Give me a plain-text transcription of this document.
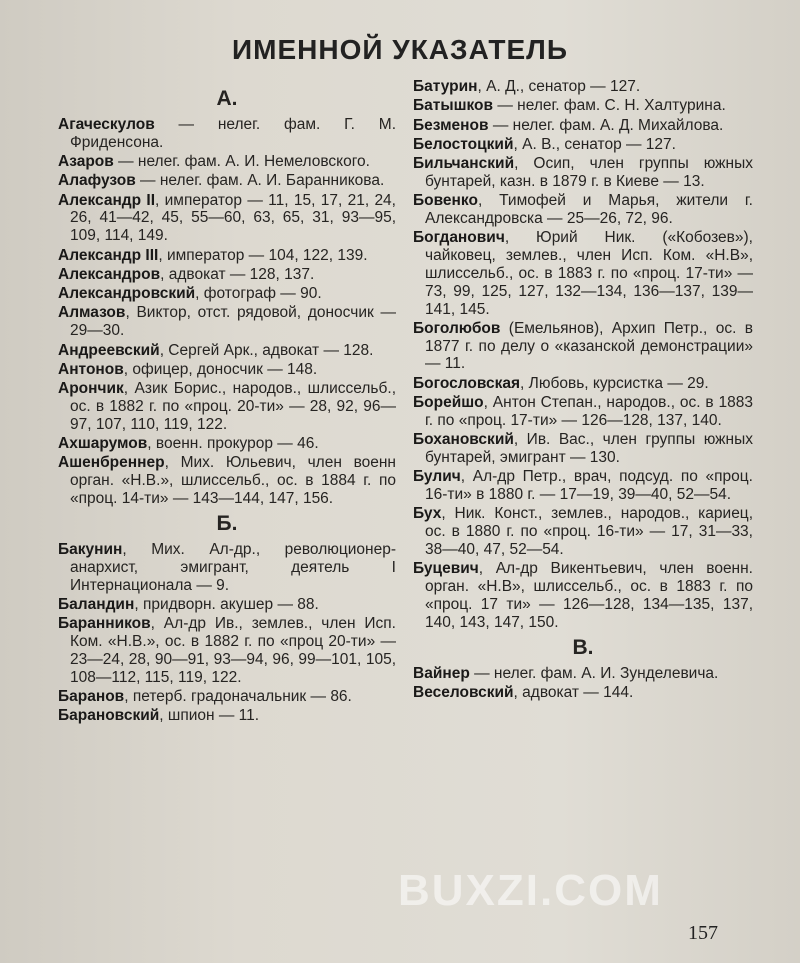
ИМЕННОЙ УКАЗАТЕЛЬ
А.
Агаческулов — нелег. фам. Г. М. Фриденсона.
Азаров — нелег. фам. А. И. Немеловского.
Алафузов — нелег. фам. А. И. Баранникова.
Александр II, император — 11, 15, 17, 21, 24, 26, 41—42, 45, 55—60, 63, 65, 31, 93—95, 109, 114, 149.
Александр III, император — 104, 122, 139.
Александров, адвокат — 128, 137.
Александровский, фотограф — 90.
Алмазов, Виктор, отст. рядовой, доносчик — 29—30.
Андреевский, Сергей Арк., адвокат — 128.
Антонов, офицер, доносчик — 148.
Арончик, Азик Борис., народов., шлиссельб., ос. в 1882 г. по «проц. 20-ти» — 28, 92, 96—97, 107, 110, 119, 122.
Ахшарумов, военн. прокурор — 46.
Ашенбреннер, Мих. Юльевич, член военн орган. «Н.В.», шлиссельб., ос. в 1884 г. по «проц. 14-ти» — 143—144, 147, 156.
Б.
Бакунин, Мих. Ал-др., революционер-анархист, эмигрант, деятель I Интернационала — 9.
Баландин, придворн. акушер — 88.
Баранников, Ал-др Ив., землев., член Исп. Ком. «Н.В.», ос. в 1882 г. по «проц 20-ти» — 23—24, 28, 90—91, 93—94, 96, 99—101, 105, 108—112, 115, 119, 122.
Баранов, петерб. градоначальник — 86.
Барановский, шпион — 11.
Батурин, А. Д., сенатор — 127.
Батышков — нелег. фам. С. Н. Халтурина.
Безменов — нелег. фам. А. Д. Михайлова.
Белостоцкий, А. В., сенатор — 127.
Бильчанский, Осип, член группы южных бунтарей, казн. в 1879 г. в Киеве — 13.
Бовенко, Тимофей и Марья, жители г. Александровска — 25—26, 72, 96.
Богданович, Юрий Ник. («Кобозев»), чайковец, землев., член Исп. Ком. «Н.В», шлиссельб., ос. в 1883 г. по «проц. 17-ти» — 73, 99, 125, 127, 132—134, 136—137, 139—141, 145.
Боголюбов (Емельянов), Архип Петр., ос. в 1877 г. по делу о «казанской демонстрации» — 11.
Богословская, Любовь, курсистка — 29.
Борейшо, Антон Степан., народов., ос. в 1883 г. по «проц. 17-ти» — 126—128, 137, 140.
Бохановский, Ив. Вас., член группы южных бунтарей, эмигрант — 130.
Булич, Ал-др Петр., врач, подсуд. по «проц. 16-ти» в 1880 г. — 17—19, 39—40, 52—54.
Бух, Ник. Конст., землев., народов., кариец, ос. в 1880 г. по «проц. 16-ти» — 17, 31—33, 38—40, 47, 52—54.
Буцевич, Ал-др Викентьевич, член военн. орган. «Н.В», шлиссельб., ос. в 1883 г. по «проц. 17 ти» — 126—128, 134—135, 137, 140, 143, 147, 150.
В.
Вайнер — нелег. фам. А. И. Зунделевича.
Веселовский, адвокат — 144.
BUXZI.COM
157
